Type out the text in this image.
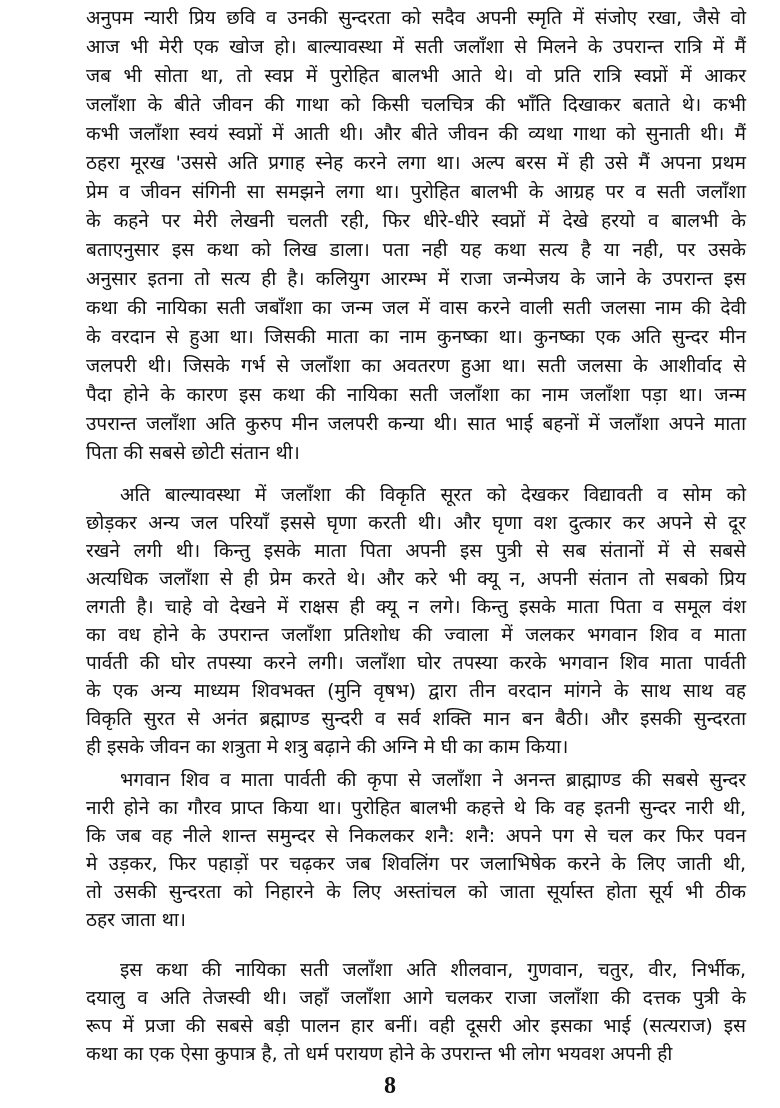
अनुपम न्यारी प्रिय छवि व उनकी सुन्दरता को सदैव अपनी स्मृति में संजोए रखा, जैसे वो
आज भी मेरी एक खोज हो। बाल्यावस्था में सती जलाँशा से मिलने के उपरान्त रात्रि में मैं
जब भी सोता था, तो स्वप्न में पुरोहित बालभी आते थे। वो प्रति रात्रि स्वप्नों में आकर
जलाँशा के बीते जीवन की गाथा को किसी चलचित्र की भाँति दिखाकर बताते थे। कभी
कभी जलाँशा स्वयं स्वप्नों में आती थी। और बीते जीवन की व्यथा गाथा को सुनाती थी। मैं
ठहरा मूरख 'उससे अति प्रगाह स्नेह करने लगा था। अल्प बरस में ही उसे मैं अपना प्रथम
प्रेम व जीवन संगिनी सा समझने लगा था। पुरोहित बालभी के आग्रह पर व सती जलाँशा
के कहने पर मेरी लेखनी चलती रही, फिर धीरे-धीरे स्वप्नों में देखे हरयो व बालभी के
बताएनुसार इस कथा को लिख डाला। पता नही यह कथा सत्य है या नही, पर उसके
अनुसार इतना तो सत्य ही है। कलियुग आरम्भ में राजा जन्मेजय के जाने के उपरान्त इस
कथा की नायिका सती जबाँशा का जन्म जल में वास करने वाली सती जलसा नाम की देवी
के वरदान से हुआ था। जिसकी माता का नाम कुनष्का था। कुनष्का एक अति सुन्दर मीन
जलपरी थी। जिसके गर्भ से जलाँशा का अवतरण हुआ था। सती जलसा के आशीर्वाद से
पैदा होने के कारण इस कथा की नायिका सती जलाँशा का नाम जलाँशा पड़ा था। जन्म
उपरान्त जलाँशा अति कुरुप मीन जलपरी कन्या थी। सात भाई बहनों में जलाँशा अपने माता
पिता की सबसे छोटी संतान थी।
अति बाल्यावस्था में जलाँशा की विकृति सूरत को देखकर विद्यावती व सोम को
छोड़कर अन्य जल परियाँ इससे घृणा करती थी। और घृणा वश दुत्कार कर अपने से दूर
रखने लगी थी। किन्तु इसके माता पिता अपनी इस पुत्री से सब संतानों में से सबसे
अत्यधिक जलाँशा से ही प्रेम करते थे। और करे भी क्यू न, अपनी संतान तो सबको प्रिय
लगती है। चाहे वो देखने में राक्षस ही क्यू न लगे। किन्तु इसके माता पिता व समूल वंश
का वध होने के उपरान्त जलाँशा प्रतिशोध की ज्वाला में जलकर भगवान शिव व माता
पार्वती की घोर तपस्या करने लगी। जलाँशा घोर तपस्या करके भगवान शिव माता पार्वती
के एक अन्य माध्यम शिवभक्त (मुनि वृषभ) द्वारा तीन वरदान मांगने के साथ साथ वह
विकृति सुरत से अनंत ब्रह्माण्ड सुन्दरी व सर्व शक्ति मान बन बैठी। और इसकी सुन्दरता
ही इसके जीवन का शत्रुता मे शत्रु बढ़ाने की अग्नि मे घी का काम किया।
भगवान शिव व माता पार्वती की कृपा से जलाँशा ने अनन्त ब्राह्माण्ड की सबसे सुन्दर
नारी होने का गौरव प्राप्त किया था। पुरोहित बालभी कहत्ते थे कि वह इतनी सुन्दर नारी थी,
कि जब वह नीले शान्त समुन्दर से निकलकर शनै: शनै: अपने पग से चल कर फिर पवन
मे उड़कर, फिर पहाड़ों पर चढ़कर जब शिवलिंग पर जलाभिषेक करने के लिए जाती थी,
तो उसकी सुन्दरता को निहारने के लिए अस्तांचल को जाता सूर्यास्त होता सूर्य भी ठीक
ठहर जाता था।
इस कथा की नायिका सती जलाँशा अति शीलवान, गुणवान, चतुर, वीर, निर्भीक,
दयालु व अति तेजस्वी थी। जहाँ जलाँशा आगे चलकर राजा जलाँशा की दत्तक पुत्री के
रूप में प्रजा की सबसे बड़ी पालन हार बनीं। वही दूसरी ओर इसका भाई (सत्यराज) इस
कथा का एक ऐसा कुपात्र है, तो धर्म परायण होने के उपरान्त भी लोग भयवश अपनी ही
8
